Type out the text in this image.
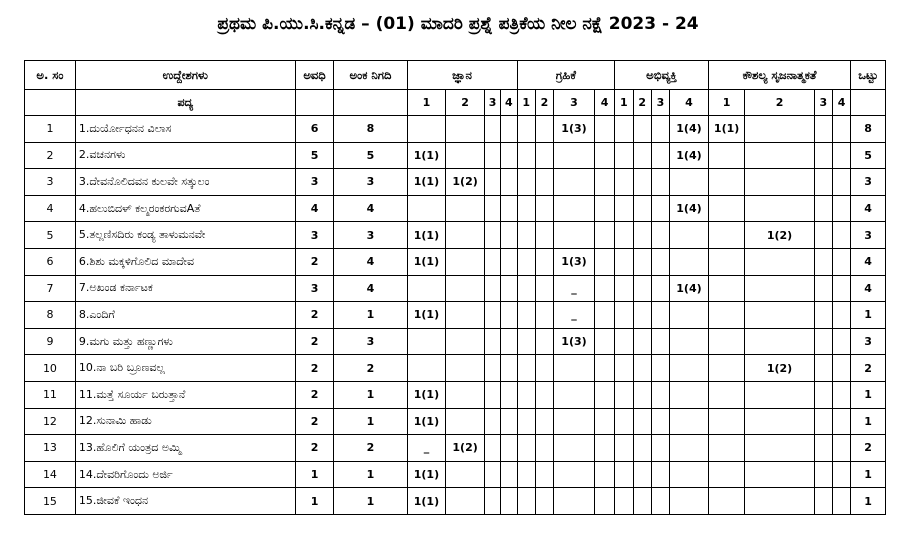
ಪ್ರಥಮ ಪಿ.ಯು.ಸಿ.ಕನ್ನಡ – (01) ಮಾದರಿ ಪ್ರಶ್ನೆ ಪತ್ರಿಕೆಯ ನೀಲ ನಕ್ಷೆ 2023 - 24
ಅ. ಸಂ	ಉದ್ದೇಶಗಳು	ಅವಧಿ	ಅಂಕ ನಿಗದಿ	ಜ್ಞಾನ				ಗ್ರಹಿಕೆ				ಅಭಿವ್ಯಕ್ತಿ				ಕೌಶಲ್ಯ ಸೃಜನಾತ್ಮಕತೆ				ಒಟ್ಟು
	ಪದ್ಯ			1	2	3	4	1	2	3	4	1	2	3	4	1	2	3	4	
1	1.ದುರ್ಯೋಧನನ ವಿಲಾಸ	6	8							1(3)					1(4)	1(1)				8
2	2.ವಚನಗಳು	5	5	1(1)											1(4)					5
3	3.ದೇವನೊಲಿದವನ ಕುಲವೇ ಸತ್ಕುಲಂ	3	3	1(1)	1(2)															3
4	4.ಹಲುಬಿದಳ್ ಕಲ್ಮರಂಕರಗುವAತೆ	4	4												1(4)					4
5	5.ತಲ್ಲಣಿಸದಿರು ಕಂಡ್ಯ ತಾಳುಮನವೇ	3	3	1(1)													1(2)			3
6	6.ಶಿಶು ಮಕ್ಕಳಿಗೊಲಿದ ಮಾದೇವ	2	4	1(1)						1(3)										4
7	7.ಅಖಂಡ ಕರ್ನಾಟಕ	3	4							_					1(4)					4
8	8.ಎಂದಿಗೆ	2	1	1(1)						_										1
9	9.ಮಗು ಮತ್ತು ಹಣ್ಣುಗಳು	2	3							1(3)										3
10	10.ನಾ ಬರಿ ಬ್ರೂಣವಲ್ಲ	2	2														1(2)			2
11	11.ಮತ್ತೆ ಸೂರ್ಯ ಬರುತ್ತಾನೆ	2	1	1(1)																1
12	12.ಸುನಾಮಿ ಹಾಡು	2	1	1(1)																1
13	13.ಹೊಲಿಗೆ ಯಂತ್ರದ ಅಮ್ಮಿ	2	2	_	1(2)															2
14	14.ದೇವರಿಗೊಂದು ಅರ್ಜಿ	1	1	1(1)																1
15	15.ಜೀವಕೆ ಇಂಧನ	1	1	1(1)																1
